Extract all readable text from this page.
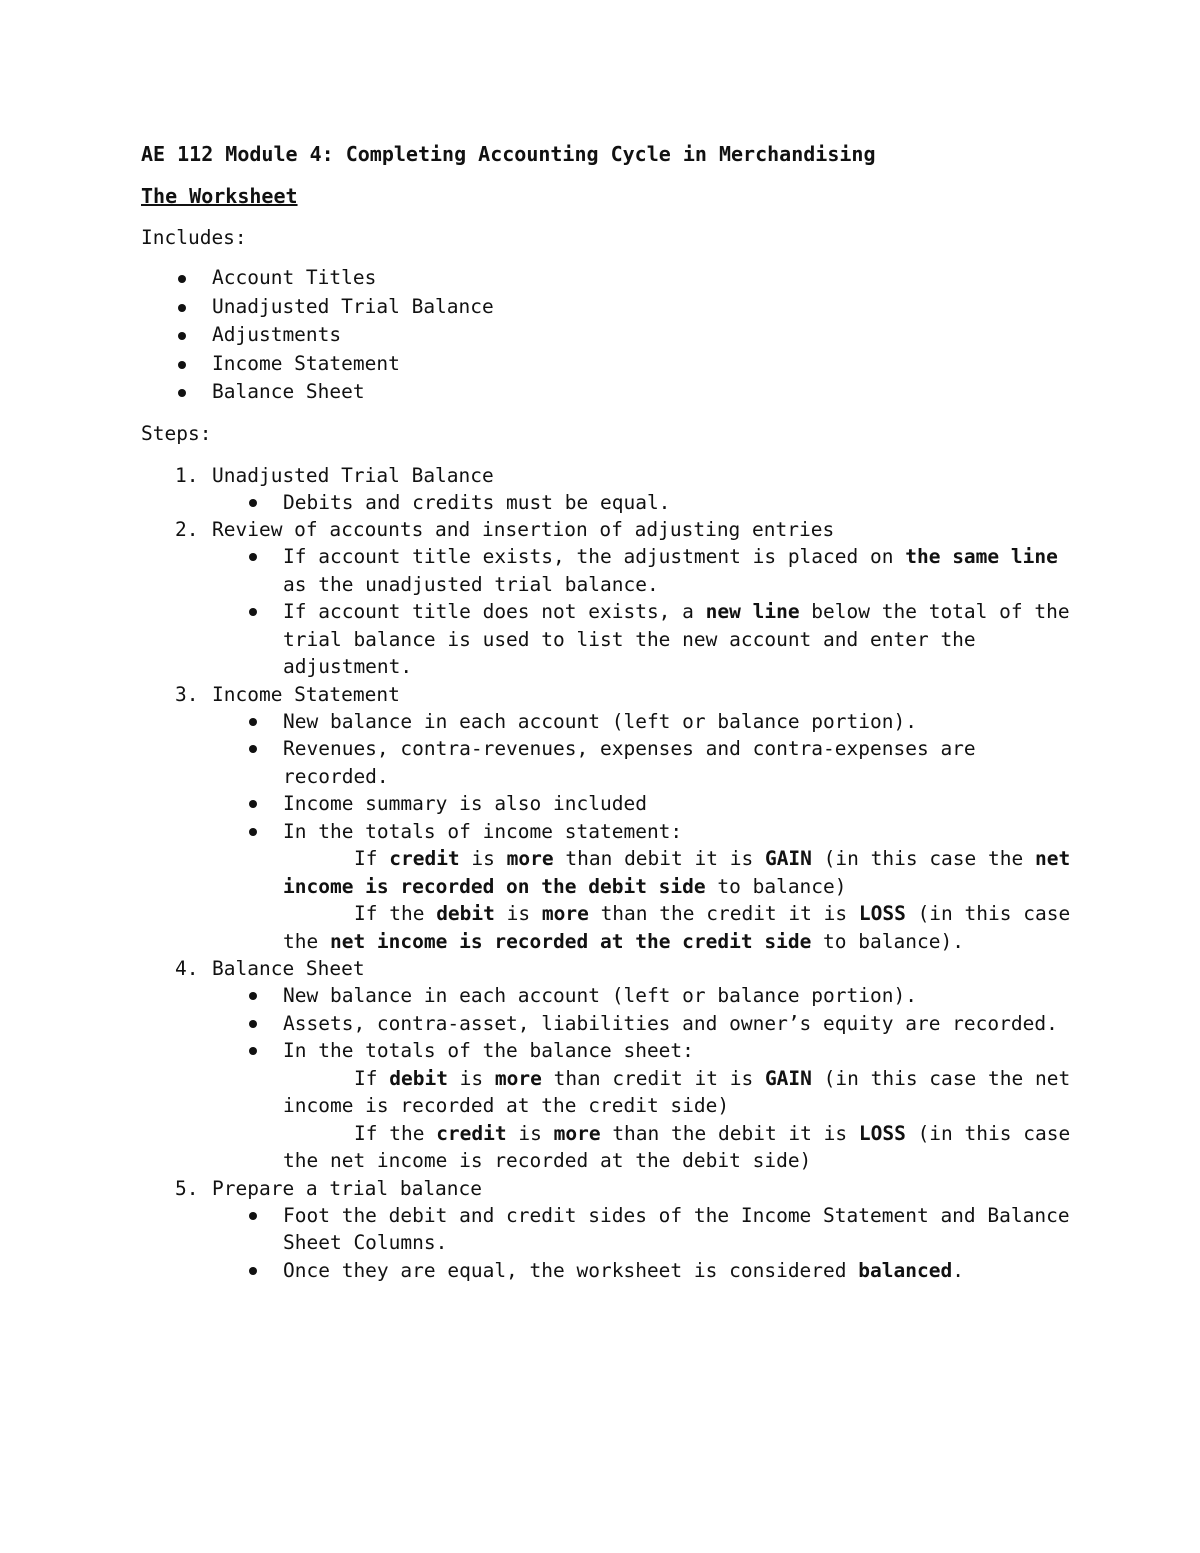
AE 112 Module 4: Completing Accounting Cycle in Merchandising

The Worksheet

Includes:

Account Titles
Unadjusted Trial Balance
Adjustments
Income Statement
Balance Sheet

Steps:

1. Unadjusted Trial Balance
Debits and credits must be equal.
2. Review of accounts and insertion of adjusting entries
If account title exists, the adjustment is placed on the same line as the unadjusted trial balance.
If account title does not exists, a new line below the total of the trial balance is used to list the new account and enter the adjustment.
3. Income Statement
New balance in each account (left or balance portion).
Revenues, contra-revenues, expenses and contra-expenses are recorded.
Income summary is also included
In the totals of income statement:
If credit is more than debit it is GAIN (in this case the net income is recorded on the debit side to balance)
If the debit is more than the credit it is LOSS (in this case the net income is recorded at the credit side to balance).
4. Balance Sheet
New balance in each account (left or balance portion).
Assets, contra-asset, liabilities and owner’s equity are recorded.
In the totals of the balance sheet:
If debit is more than credit it is GAIN (in this case the net income is recorded at the credit side)
If the credit is more than the debit it is LOSS (in this case the net income is recorded at the debit side)
5. Prepare a trial balance
Foot the debit and credit sides of the Income Statement and Balance Sheet Columns.
Once they are equal, the worksheet is considered balanced.
